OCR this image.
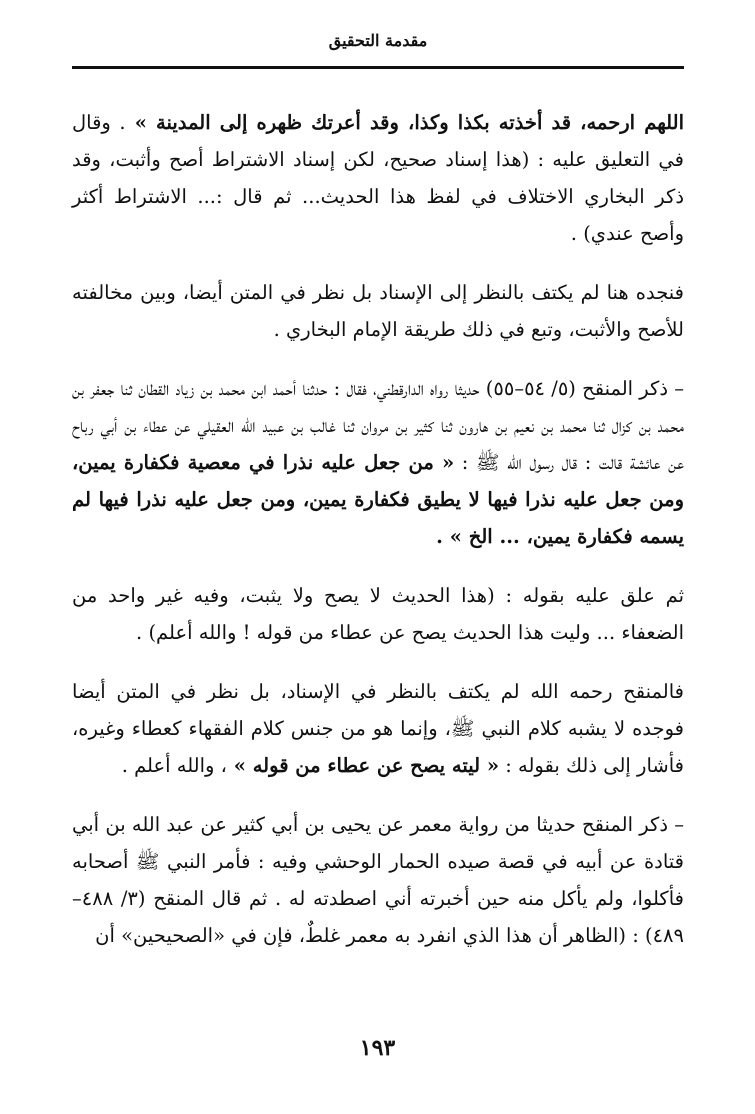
مقدمة التحقيق

اللهم ارحمه، قد أخذته بكذا وكذا، وقد أعرتك ظهره إلى المدينة » . وقال في التعليق عليه : (هذا إسناد صحيح، لكن إسناد الاشتراط أصح وأثبت، وقد ذكر البخاري الاختلاف في لفظ هذا الحديث... ثم قال :... الاشتراط أكثر وأصح عندي) .

فنجده هنا لم يكتف بالنظر إلى الإسناد بل نظر في المتن أيضا، وبين مخالفته للأصح والأثبت، وتبع في ذلك طريقة الإمام البخاري .

– ذكر المنقح (٥/ ٥٤–٥٥) حديثا رواه الدارقطني، فقال : حدثنا أحمد ابن محمد بن زياد القطان ثنا جعفر بن محمد بن كزال ثنا محمد بن نعيم بن هارون ثنا كثير بن مروان ثنا غالب بن عبيد الله العقيلي عن عطاء بن أبي رباح عن عائشة قالت : قال رسول الله ﷺ : « من جعل عليه نذرا في معصية فكفارة يمين، ومن جعل عليه نذرا فيها لا يطيق فكفارة يمين، ومن جعل عليه نذرا فيها لم يسمه فكفارة يمين، ... الخ » .

ثم علق عليه بقوله : (هذا الحديث لا يصح ولا يثبت، وفيه غير واحد من الضعفاء ... وليت هذا الحديث يصح عن عطاء من قوله ! والله أعلم) .

فالمنقح رحمه الله لم يكتف بالنظر في الإسناد، بل نظر في المتن أيضا فوجده لا يشبه كلام النبي ﷺ، وإنما هو من جنس كلام الفقهاء كعطاء وغيره، فأشار إلى ذلك بقوله : « ليته يصح عن عطاء من قوله » ، والله أعلم .

– ذكر المنقح حديثا من رواية معمر عن يحيى بن أبي كثير عن عبد الله بن أبي قتادة عن أبيه في قصة صيده الحمار الوحشي وفيه : فأمر النبي ﷺ أصحابه فأكلوا، ولم يأكل منه حين أخبرته أني اصطدته له . ثم قال المنقح (٣/ ٤٨٨–٤٨٩) : (الظاهر أن هذا الذي انفرد به معمر غلطٌ، فإن في «الصحيحين» أن

١٩٣
